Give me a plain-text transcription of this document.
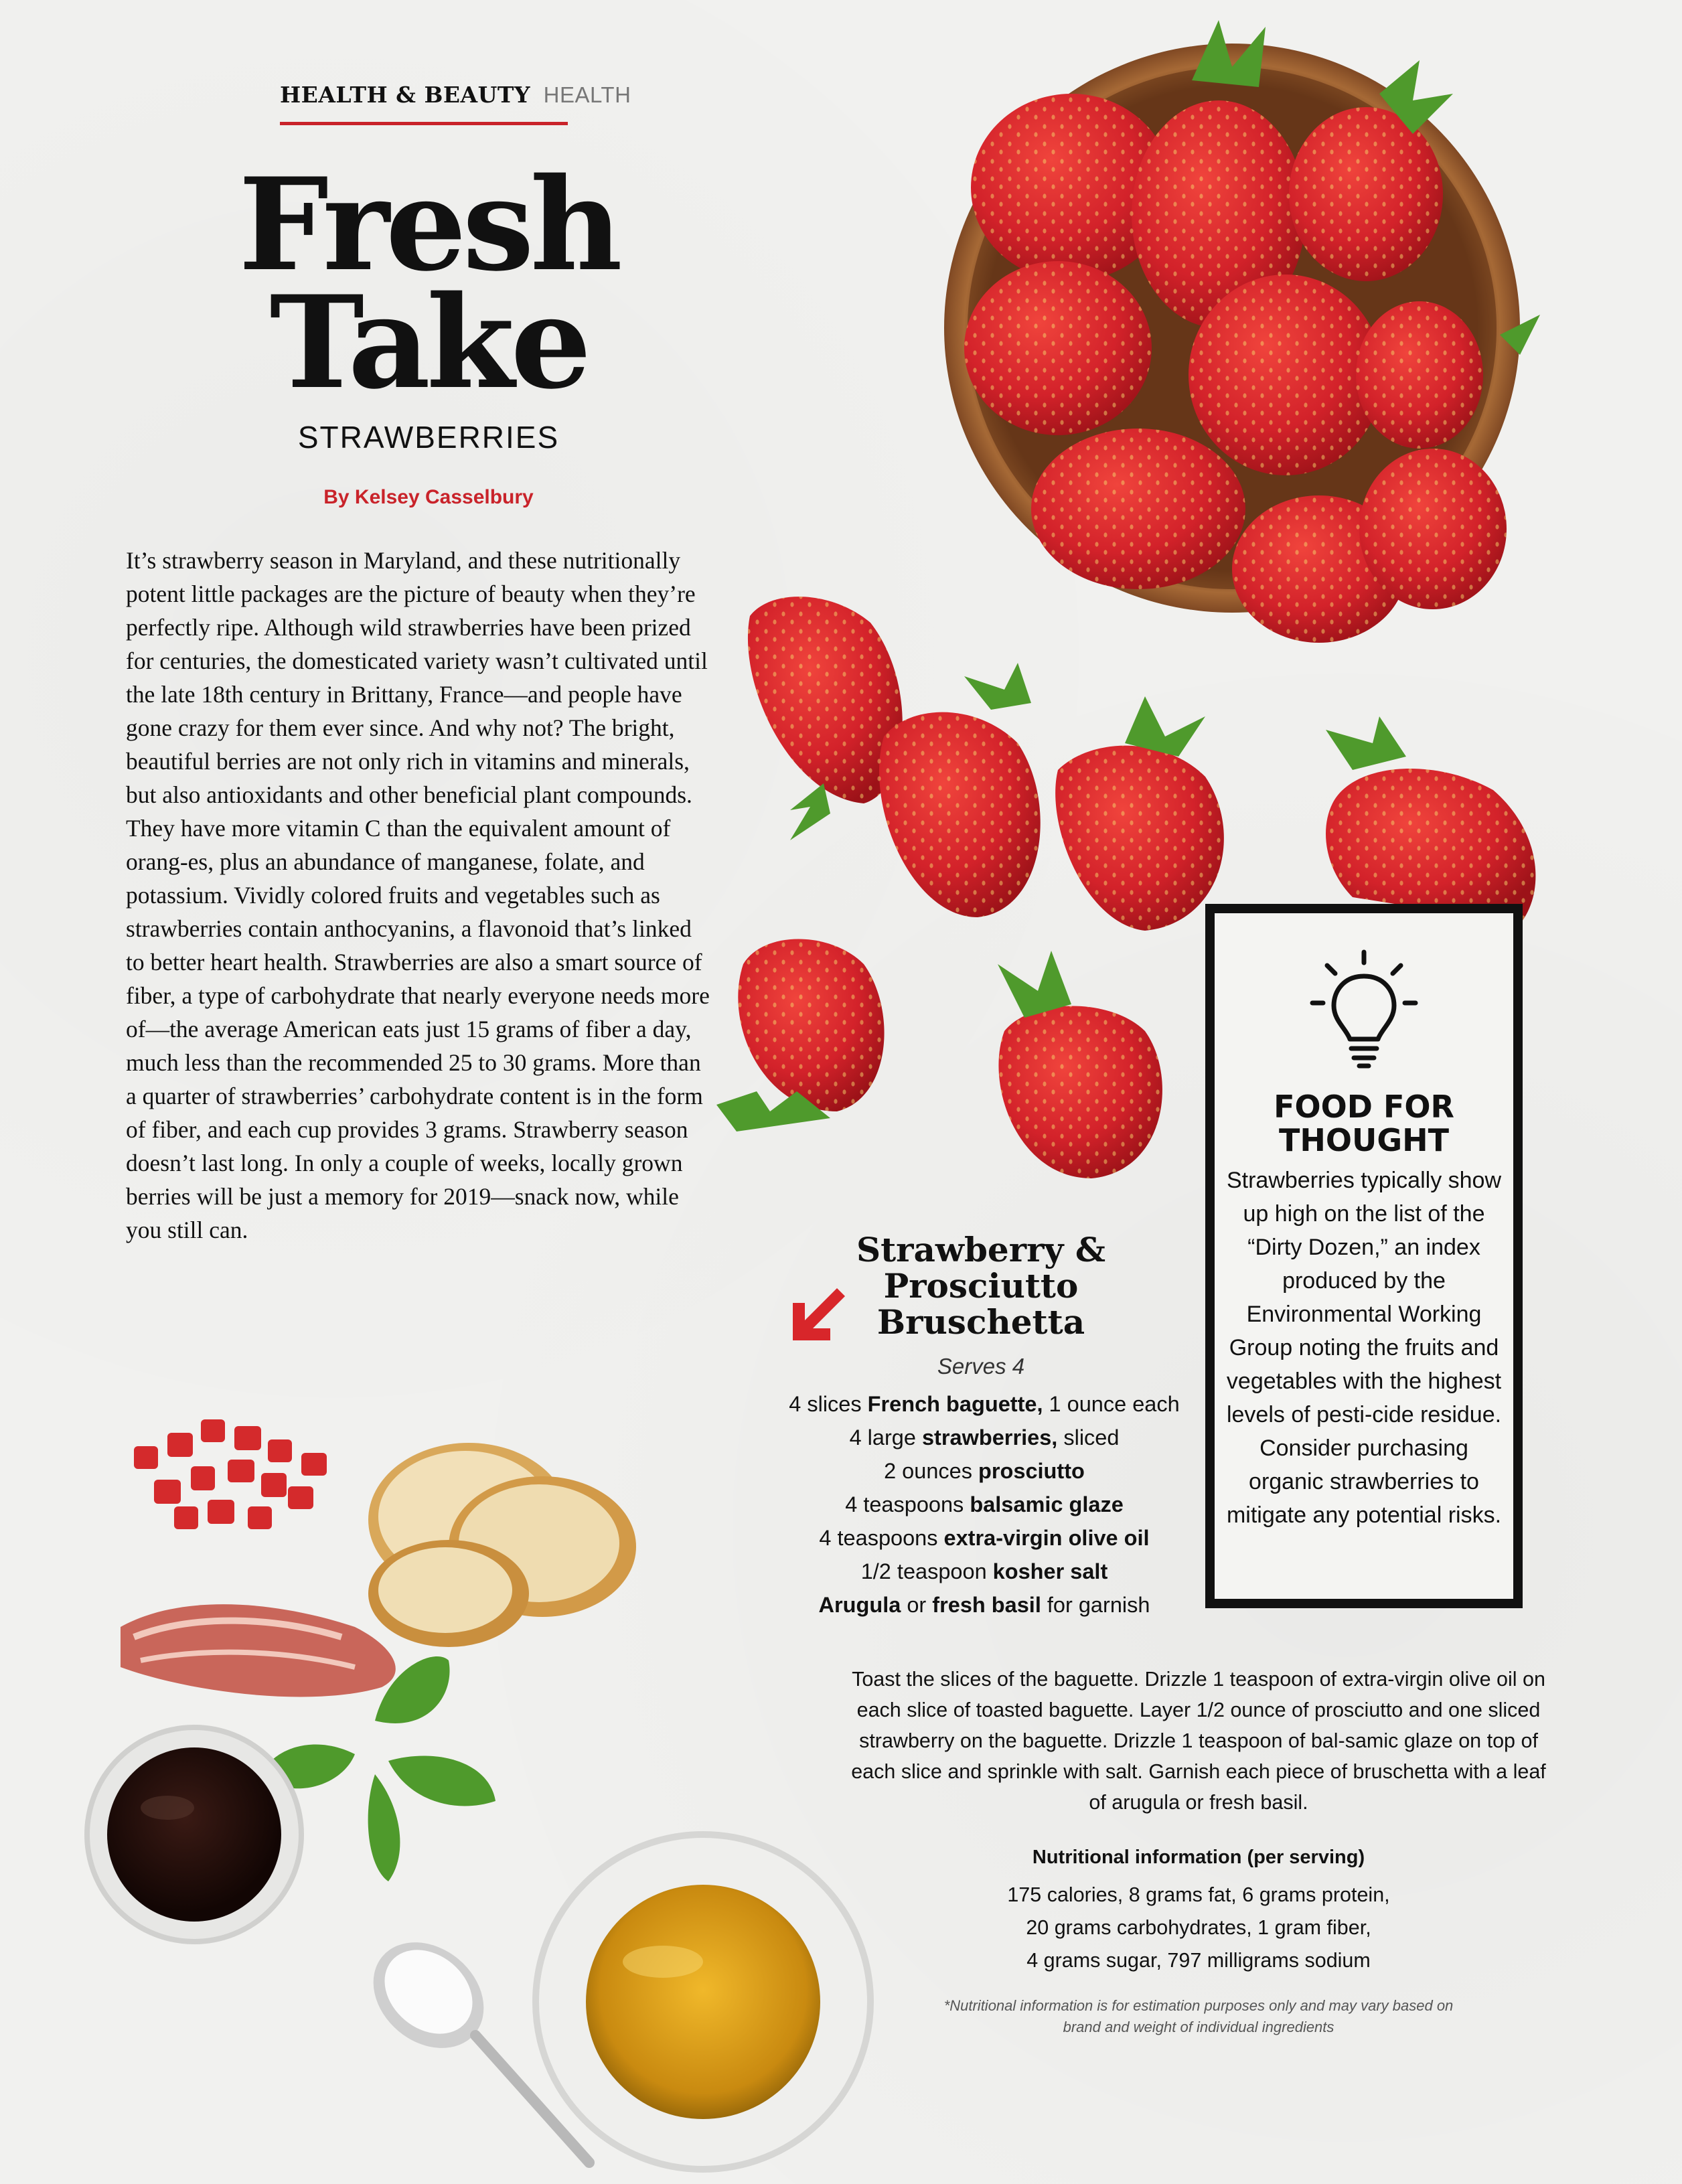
HEALTH & BEAUTY HEALTH
Fresh
Take
STRAWBERRIES
By Kelsey Casselbury

It’s strawberry season in Maryland, and these nutritionally potent little packages are the picture of beauty when they’re perfectly ripe. Although wild strawberries have been prized for centuries, the domesticated variety wasn’t cultivated until the late 18th century in Brittany, France—and people have gone crazy for them ever since. And why not? The bright, beautiful berries are not only rich in vitamins and minerals, but also antioxidants and other beneficial plant compounds. They have more vitamin C than the equivalent amount of orang-es, plus an abundance of manganese, folate, and potassium. Vividly colored fruits and vegetables such as strawberries contain anthocyanins, a flavonoid that’s linked to better heart health. Strawberries are also a smart source of fiber, a type of carbohydrate that nearly everyone needs more of—the average American eats just 15 grams of fiber a day, much less than the recommended 25 to 30 grams. More than a quarter of strawberries’ carbohydrate content is in the form of fiber, and each cup provides 3 grams. Strawberry season doesn’t last long. In only a couple of weeks, locally grown berries will be just a memory for 2019—snack now, while you still can.	Strawberry &
Prosciutto
Bruschetta
Serves 4
4 slices French baguette, 1 ounce each
4 large strawberries, sliced
2 ounces prosciutto
4 teaspoons balsamic glaze
4 teaspoons extra-virgin olive oil
1/2 teaspoon kosher salt
Arugula or fresh basil for garnish

Toast the slices of the baguette. Drizzle 1 teaspoon of extra-virgin olive oil on each slice of toasted baguette. Layer 1/2 ounce of prosciutto and one sliced strawberry on the baguette. Drizzle 1 teaspoon of bal-samic glaze on top of each slice and sprinkle with salt. Garnish each piece of bruschetta with a leaf of arugula or fresh basil.

Nutritional information (per serving)
175 calories, 8 grams fat, 6 grams protein,
20 grams carbohydrates, 1 gram fiber,
4 grams sugar, 797 milligrams sodium

*Nutritional information is for estimation purposes only and may vary based on brand and weight of individual ingredients

FOOD FOR
THOUGHT

Strawberries typically show up high on the list of the “Dirty Dozen,” an index produced by the Environmental Working Group noting the fruits and vegetables with the highest levels of pesti-cide residue. Consider purchasing organic strawberries to mitigate any potential risks.
